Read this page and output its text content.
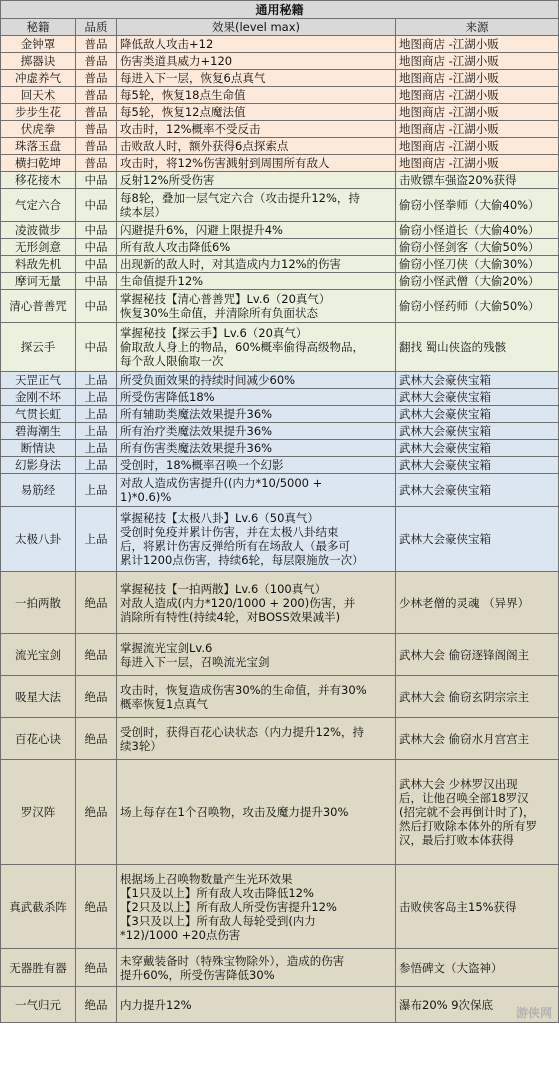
通用秘籍			
秘籍	品质	效果(level max)	来源
金钟罩	普品	降低敌人攻击+12	地图商店 -江湖小贩

掷器诀	普品	伤害类道具威力+120	地图商店 -江湖小贩

冲虚养气	普品	每进入下一层，恢复6点真气	地图商店 -江湖小贩

回天术	普品	每5轮，恢复18点生命值	地图商店 -江湖小贩

步步生花	普品	每5轮，恢复12点魔法值	地图商店 -江湖小贩

伏虎拳	普品	攻击时，12%概率不受反击	地图商店 -江湖小贩

珠落玉盘	普品	击败敌人时，额外获得6点探索点	地图商店 -江湖小贩

横扫乾坤	普品	攻击时，将12%伤害溅射到周围所有敌人	地图商店 -江湖小贩

移花接木	中品	反射12%所受伤害	击败镖车强盗20%获得

气定六合	中品	每8轮，叠加一层气定六合（攻击提升12%，持
续本层）	偷窃小怪拳师（大偷40%）

凌波微步	中品	闪避提升6%，闪避上限提升4%	偷窃小怪道长（大偷40%）

无形剑意	中品	所有敌人攻击降低6%	偷窃小怪剑客（大偷50%）

料敌先机	中品	出现新的敌人时，对其造成内力12%的伤害	偷窃小怪刀侠（大偷30%）

摩诃无量	中品	生命值提升12%	偷窃小怪武僧（大偷20%）

清心普善咒	中品	掌握秘技【清心普善咒】Lv.6（20真气）
恢复30%生命值，并清除所有负面状态	偷窃小怪药师（大偷50%）

探云手	中品	掌握秘技【探云手】Lv.6（20真气）
偷取敌人身上的物品，60%概率偷得高级物品，
每个敌人限偷取一次	翻找 蜀山侠盗的残骸

天罡正气	上品	所受负面效果的持续时间减少60%	武林大会豪侠宝箱

金刚不坏	上品	所受伤害降低18%	武林大会豪侠宝箱

气贯长虹	上品	所有辅助类魔法效果提升36%	武林大会豪侠宝箱

碧海潮生	上品	所有治疗类魔法效果提升36%	武林大会豪侠宝箱

断情诀	上品	所有伤害类魔法效果提升36%	武林大会豪侠宝箱

幻影身法	上品	受创时，18%概率召唤一个幻影	武林大会豪侠宝箱

易筋经	上品	对敌人造成伤害提升((内力*10/5000 +
1)*0.6)%	武林大会豪侠宝箱

太极八卦	上品	掌握秘技【太极八卦】Lv.6（50真气）
受创时免疫并累计伤害，并在太极八卦结束
后，将累计伤害反弹给所有在场敌人（最多可
累计1200点伤害，持续6轮，每层限施放一次）	武林大会豪侠宝箱

一拍两散	绝品	掌握秘技【一拍两散】Lv.6（100真气）
对敌人造成(内力*120/1000 + 200)伤害，并
消除所有特性(持续4轮，对BOSS效果减半)	少林老僧的灵魂 （异界）

流光宝剑	绝品	掌握流光宝剑Lv.6
每进入下一层，召唤流光宝剑	武林大会 偷窃逐锋阁阁主

吸星大法	绝品	攻击时，恢复造成伤害30%的生命值，并有30%
概率恢复1点真气	武林大会 偷窃玄阴宗宗主

百花心诀	绝品	受创时，获得百花心诀状态（内力提升12%，持
续3轮）	武林大会 偷窃水月宫宫主

罗汉阵	绝品	场上每存在1个召唤物，攻击及魔力提升30%	武林大会 少林罗汉出现
后，让他召唤全部18罗汉
(招完就不会再倒计时了)，
然后打败除本体外的所有罗
汉，最后打败本体获得

真武截杀阵	绝品	根据场上召唤物数量产生光环效果
【1只及以上】所有敌人攻击降低12%
【2只及以上】所有敌人所受伤害提升12%
【3只及以上】所有敌人每轮受到(内力
*12)/1000 +20点伤害	击败侠客岛主15%获得

无器胜有器	绝品	未穿戴装备时（特殊宝物除外），造成的伤害
提升60%，所受伤害降低30%	参悟碑文（大盗神）

一气归元	绝品	内力提升12%	瀑布20% 9次保底
游侠网
